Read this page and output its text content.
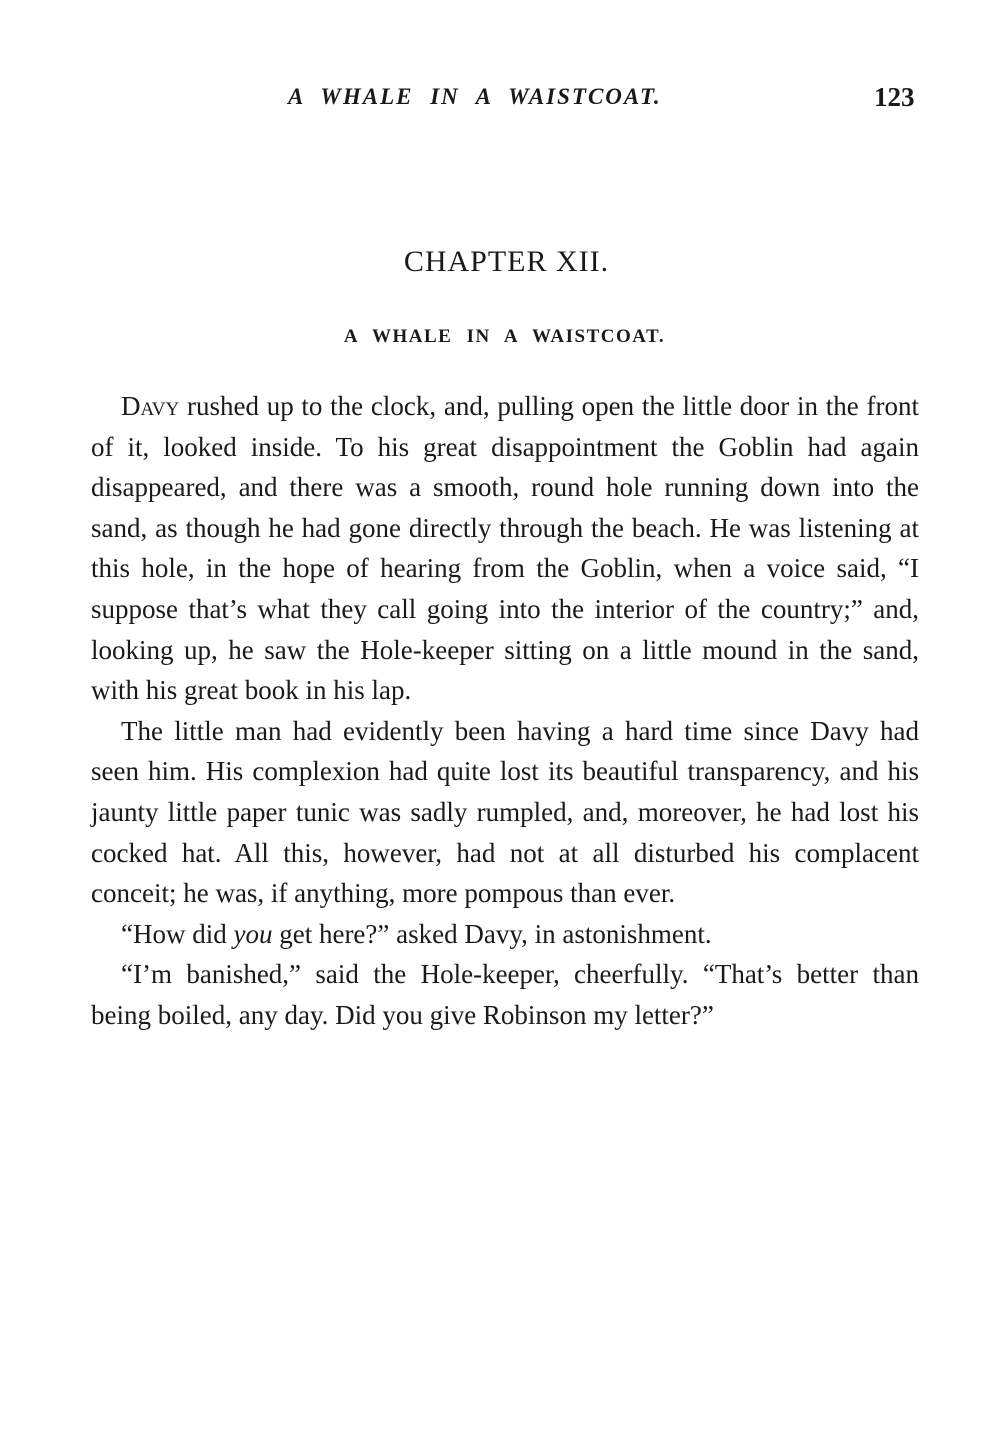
A WHALE IN A WAISTCOAT.	123
CHAPTER XII.
A WHALE IN A WAISTCOAT.

Davy rushed up to the clock, and, pulling open the little door in the front of it, looked inside. To his great disappointment the Goblin had again disappeared, and there was a smooth, round hole running down into the sand, as though he had gone directly through the beach. He was listening at this hole, in the hope of hearing from the Goblin, when a voice said, “I suppose that’s what they call going into the interior of the country;” and, looking up, he saw the Hole-keeper sitting on a little mound in the sand, with his great book in his lap.

The little man had evidently been having a hard time since Davy had seen him. His complexion had quite lost its beautiful transparency, and his jaunty little paper tunic was sadly rumpled, and, moreover, he had lost his cocked hat. All this, however, had not at all disturbed his complacent conceit; he was, if anything, more pompous than ever.

“How did you get here?” asked Davy, in astonishment.

“I’m banished,” said the Hole-keeper, cheerfully. “That’s better than being boiled, any day. Did you give Robinson my letter?”
